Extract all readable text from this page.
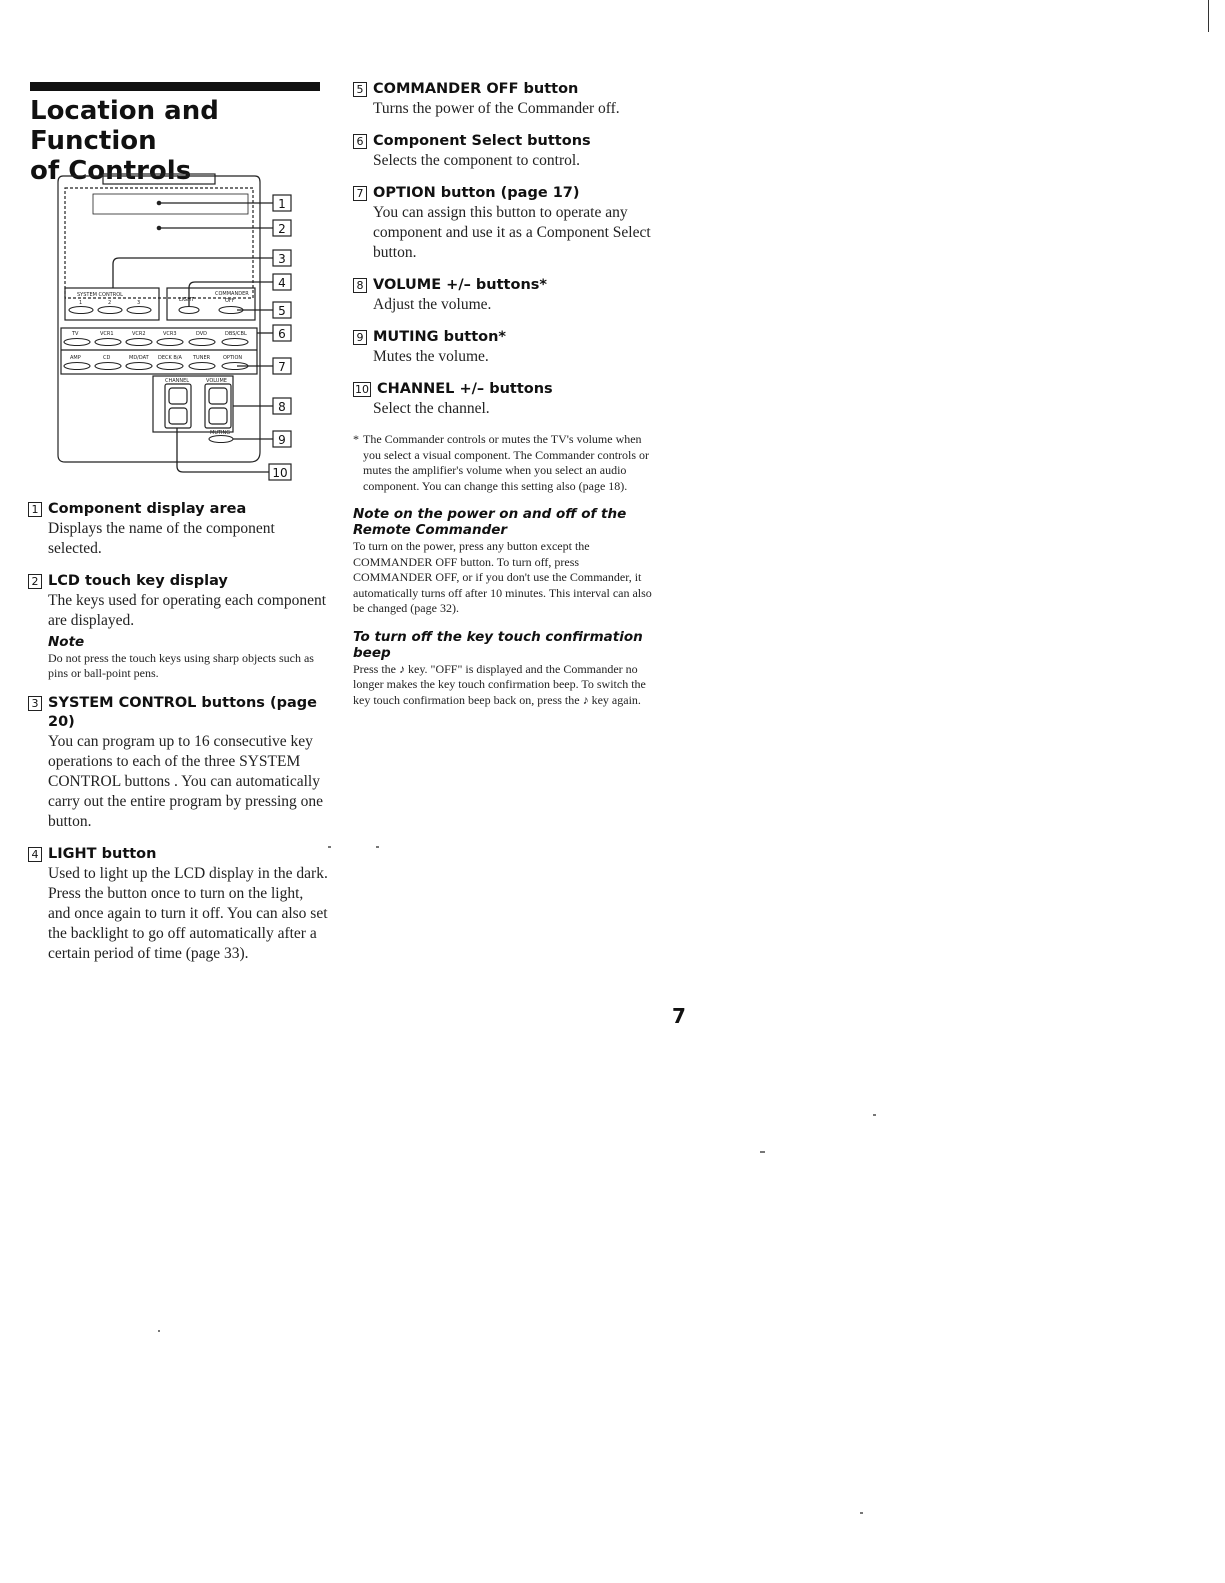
Location and Function
of Controls
SYSTEM CONTROL
1	2	3	LIGHT
COMMANDER
OFF
TV	VCR1	VCR2	VCR3	DVD	DBS/CBL
AMP	CD	MD/DAT DECK B/A TUNER	OPTION
CHANNEL	VOLUME
MUTING
1
2
3
4
5
6
7
8
9
10
1 Component display area
Displays the name of the component selected.
2 LCD touch key display
The keys used for operating each component are displayed.
Note
Do not press the touch keys using sharp objects such as pins or ball-point pens.
3 SYSTEM CONTROL buttons (page 20)
You can program up to 16 consecutive key operations to each of the three SYSTEM CONTROL buttons . You can automatically carry out the entire program by pressing one button.
4 LIGHT button
Used to light up the LCD display in the dark. Press the button once to turn on the light, and once again to turn it off. You can also set the backlight to go off automatically after a certain period of time (page 33).
5 COMMANDER OFF button
Turns the power of the Commander off.
6 Component Select buttons
Selects the component to control.
7 OPTION button (page 17)
You can assign this button to operate any component and use it as a Component Select button.
8 VOLUME +/– buttons*
Adjust the volume.
9 MUTING button*
Mutes the volume.
10 CHANNEL +/– buttons
Select the channel.
* The Commander controls or mutes the TV's volume when you select a visual component. The Commander controls or mutes the amplifier's volume when you select an audio component. You can change this setting also (page 18).
Note on the power on and off of the Remote Commander
To turn on the power, press any button except the COMMANDER OFF button. To turn off, press COMMANDER OFF, or if you don't use the Commander, it automatically turns off after 10 minutes. This interval can also be changed (page 32).
To turn off the key touch confirmation beep
Press the ♪ key. "OFF" is displayed and the Commander no longer makes the key touch confirmation beep. To switch the key touch confirmation beep back on, press the ♪ key again.
7
